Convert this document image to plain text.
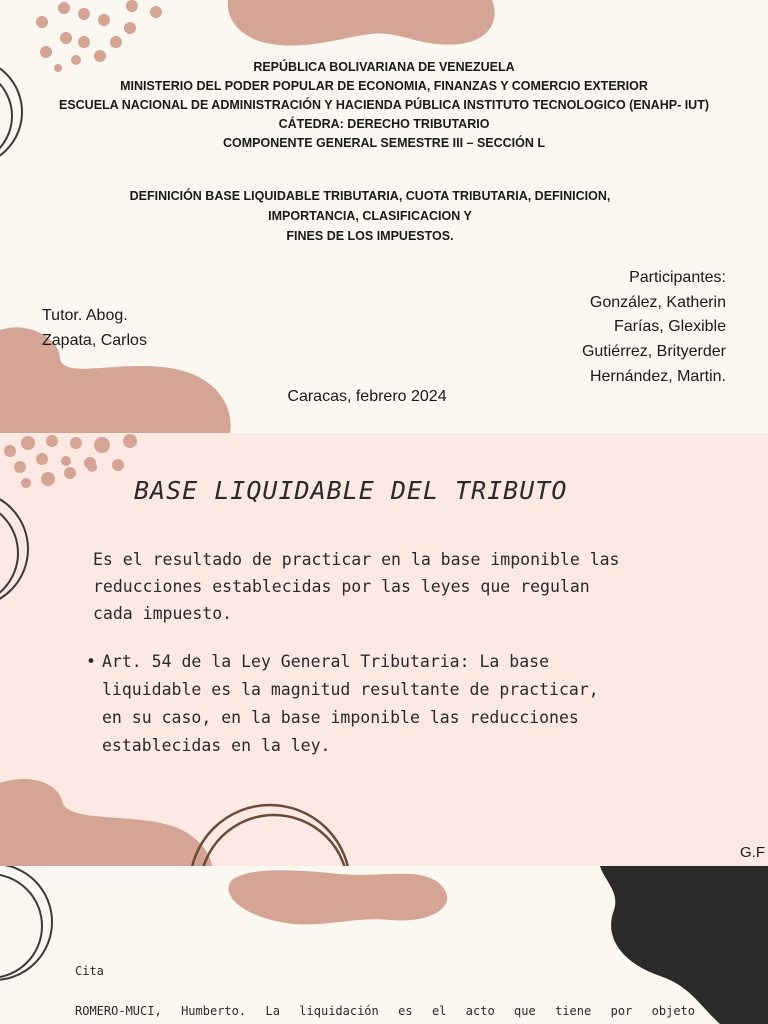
REPÚBLICA BOLIVARIANA DE VENEZUELA
MINISTERIO DEL PODER POPULAR DE ECONOMIA, FINANZAS Y COMERCIO EXTERIOR
ESCUELA NACIONAL DE ADMINISTRACIÓN Y HACIENDA PÚBLICA INSTITUTO TECNOLOGICO (ENAHP- IUT)
CÁTEDRA: DERECHO TRIBUTARIO
COMPONENTE GENERAL SEMESTRE III – SECCIÓN L
DEFINICIÓN BASE LIQUIDABLE TRIBUTARIA, CUOTA TRIBUTARIA, DEFINICION,
IMPORTANCIA, CLASIFICACION Y
FINES DE LOS IMPUESTOS.
Participantes:
González, Katherin
Farías, Glexible
Gutiérrez, Brityerder
Hernández, Martin.
Tutor. Abog.
Zapata, Carlos
Caracas, febrero 2024
BASE LIQUIDABLE DEL TRIBUTO
Es el resultado de practicar en la base imponible las
reducciones establecidas por las leyes que regulan
cada impuesto.
• Art. 54 de la Ley General Tributaria: La base
liquidable es la magnitud resultante de practicar,
en su caso, en la base imponible las reducciones
establecidas en la ley.
G.F
Cita
ROMERO-MUCI, Humberto. La liquidación es el acto que tiene por objeto
